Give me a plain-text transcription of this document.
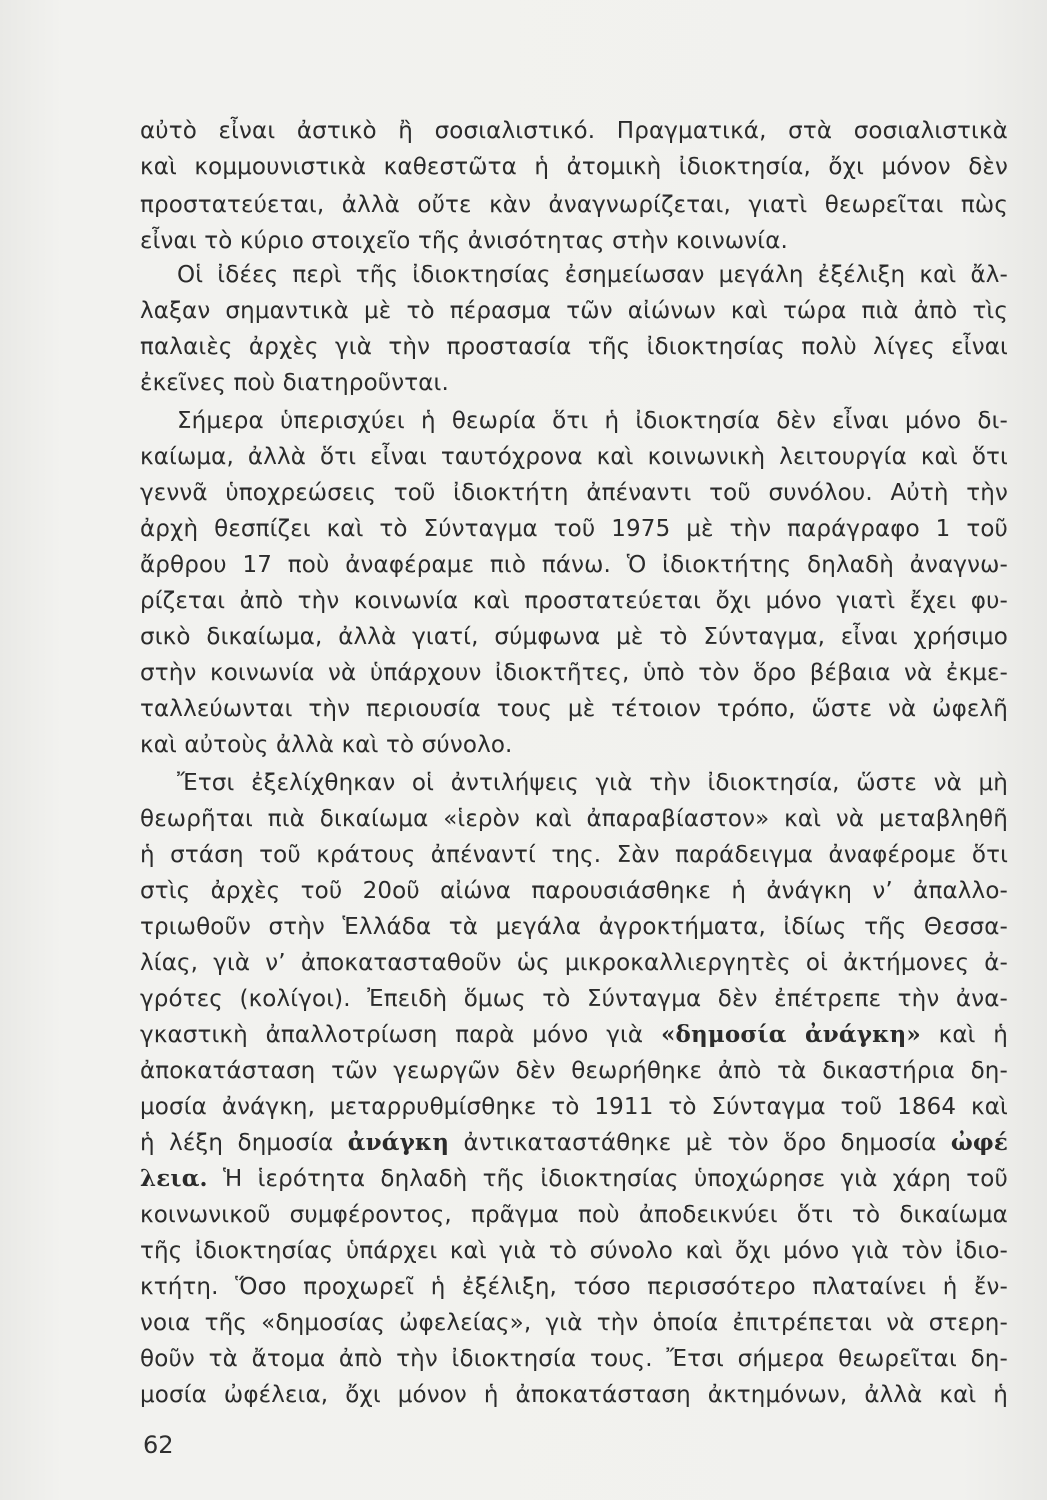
αὐτὸ εἶναι ἀστικὸ ἢ σοσιαλιστικό. Πραγματικά, στὰ σοσιαλιστικὰ
καὶ κομμουνιστικὰ καθεστῶτα ἡ ἀτομικὴ ἰδιοκτησία, ὄχι μόνον δὲν
προστατεύεται, ἀλλὰ οὔτε κὰν ἀναγνωρίζεται, γιατὶ θεωρεῖται πὼς
εἶναι τὸ κύριο στοιχεῖο τῆς ἀνισότητας στὴν κοινωνία.
Οἱ ἰδέες περὶ τῆς ἰδιοκτησίας ἐσημείωσαν μεγάλη ἐξέλιξη καὶ ἄλ-
λαξαν σημαντικὰ μὲ τὸ πέρασμα τῶν αἰώνων καὶ τώρα πιὰ ἀπὸ τὶς
παλαιὲς ἀρχὲς γιὰ τὴν προστασία τῆς ἰδιοκτησίας πολὺ λίγες εἶναι
ἐκεῖνες ποὺ διατηροῦνται.
Σήμερα ὑπερισχύει ἡ θεωρία ὅτι ἡ ἰδιοκτησία δὲν εἶναι μόνο δι-
καίωμα, ἀλλὰ ὅτι εἶναι ταυτόχρονα καὶ κοινωνικὴ λειτουργία καὶ ὅτι
γεννᾶ ὑποχρεώσεις τοῦ ἰδιοκτήτη ἀπέναντι τοῦ συνόλου. Αὐτὴ τὴν
ἀρχὴ θεσπίζει καὶ τὸ Σύνταγμα τοῦ 1975 μὲ τὴν παράγραφο 1 τοῦ
ἄρθρου 17 ποὺ ἀναφέραμε πιὸ πάνω. Ὁ ἰδιοκτήτης δηλαδὴ ἀναγνω-
ρίζεται ἀπὸ τὴν κοινωνία καὶ προστατεύεται ὄχι μόνο γιατὶ ἔχει φυ-
σικὸ δικαίωμα, ἀλλὰ γιατί, σύμφωνα μὲ τὸ Σύνταγμα, εἶναι χρήσιμο
στὴν κοινωνία νὰ ὑπάρχουν ἰδιοκτῆτες, ὑπὸ τὸν ὅρο βέβαια νὰ ἐκμε-
ταλλεύωνται τὴν περιουσία τους μὲ τέτοιον τρόπο, ὥστε νὰ ὠφελῆ
καὶ αὐτοὺς ἀλλὰ καὶ τὸ σύνολο.
Ἔτσι ἐξελίχθηκαν οἱ ἀντιλήψεις γιὰ τὴν ἰδιοκτησία, ὥστε νὰ μὴ
θεωρῆται πιὰ δικαίωμα «ἱερὸν καὶ ἀπαραβίαστον» καὶ νὰ μεταβληθῆ
ἡ στάση τοῦ κράτους ἀπέναντί της. Σὰν παράδειγμα ἀναφέρομε ὅτι
στὶς ἀρχὲς τοῦ 20οῦ αἰώνα παρουσιάσθηκε ἡ ἀνάγκη ν’ ἀπαλλο-
τριωθοῦν στὴν Ἑλλάδα τὰ μεγάλα ἀγροκτήματα, ἰδίως τῆς Θεσσα-
λίας, γιὰ ν’ ἀποκατασταθοῦν ὡς μικροκαλλιεργητὲς οἱ ἀκτήμονες ἀ-
γρότες (κολίγοι). Ἐπειδὴ ὅμως τὸ Σύνταγμα δὲν ἐπέτρεπε τὴν ἀνα-
γκαστικὴ ἀπαλλοτρίωση παρὰ μόνο γιὰ «δημοσία ἀνάγκη» καὶ ἡ
ἀποκατάσταση τῶν γεωργῶν δὲν θεωρήθηκε ἀπὸ τὰ δικαστήρια δη-
μοσία ἀνάγκη, μεταρρυθμίσθηκε τὸ 1911 τὸ Σύνταγμα τοῦ 1864 καὶ
ἡ λέξη δημοσία ἀνάγκη ἀντικαταστάθηκε μὲ τὸν ὅρο δημοσία ὠφέ
λεια. Ἡ ἱερότητα δηλαδὴ τῆς ἰδιοκτησίας ὑποχώρησε γιὰ χάρη τοῦ
κοινωνικοῦ συμφέροντος, πρᾶγμα ποὺ ἀποδεικνύει ὅτι τὸ δικαίωμα
τῆς ἰδιοκτησίας ὑπάρχει καὶ γιὰ τὸ σύνολο καὶ ὄχι μόνο γιὰ τὸν ἰδιο-
κτήτη. Ὅσο προχωρεῖ ἡ ἐξέλιξη, τόσο περισσότερο πλαταίνει ἡ ἔν-
νοια τῆς «δημοσίας ὠφελείας», γιὰ τὴν ὁποία ἐπιτρέπεται νὰ στερη-
θοῦν τὰ ἄτομα ἀπὸ τὴν ἰδιοκτησία τους. Ἔτσι σήμερα θεωρεῖται δη-
μοσία ὠφέλεια, ὄχι μόνον ἡ ἀποκατάσταση ἀκτημόνων, ἀλλὰ καὶ ἡ
62
